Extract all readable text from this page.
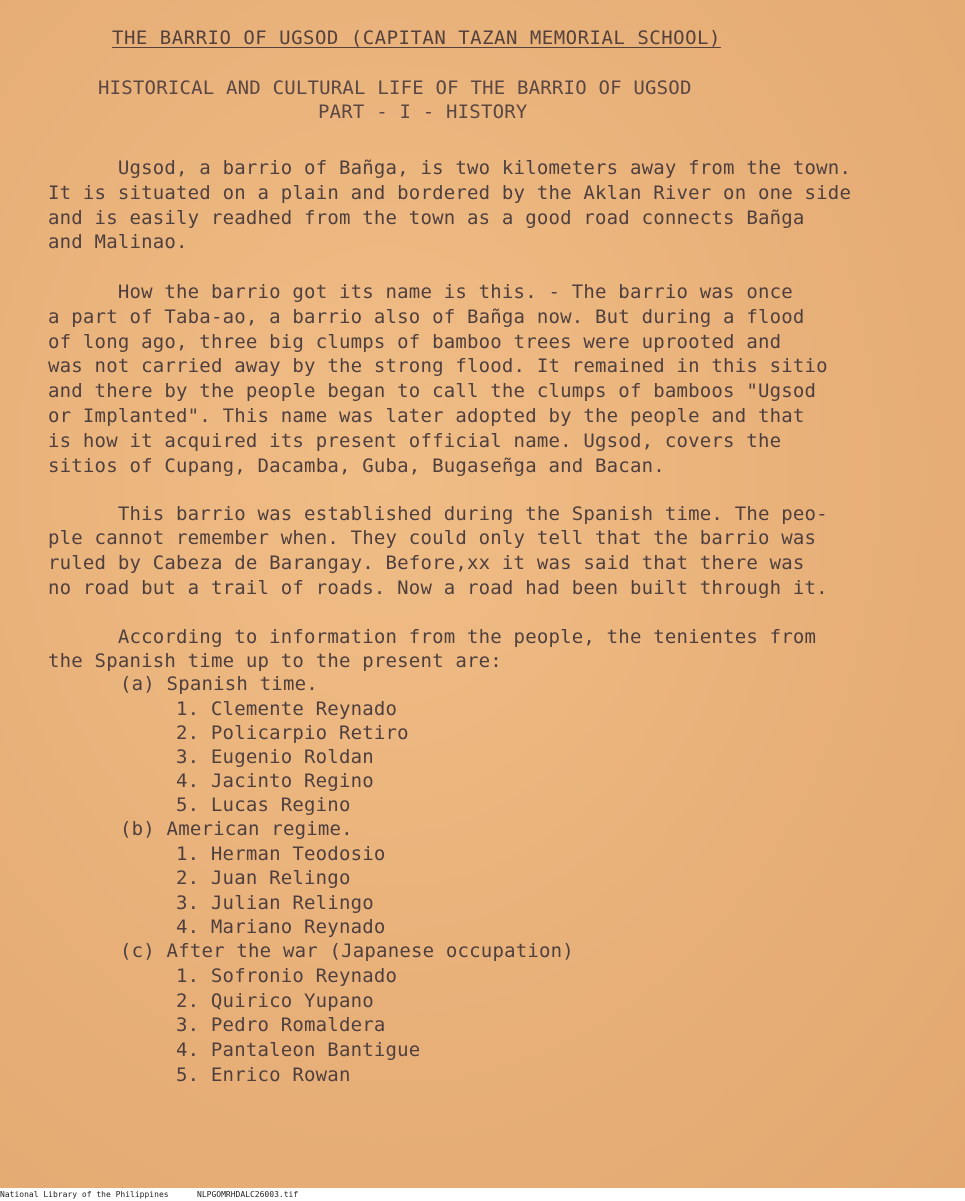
THE BARRIO OF UGSOD (CAPITAN TAZAN MEMORIAL SCHOOL)
HISTORICAL AND CULTURAL LIFE OF THE BARRIO OF UGSOD
PART - I - HISTORY
Ugsod, a barrio of Bañga, is two kilometers away from the town.
It is situated on a plain and bordered by the Aklan River on one side
and is easily readhed from the town as a good road connects Bañga
and Malinao.
How the barrio got its name is this. - The barrio was once
a part of Taba-ao, a barrio also of Bañga now. But during a flood
of long ago, three big clumps of bamboo trees were uprooted and
was not carried away by the strong flood. It remained in this sitio
and there by the people began to call the clumps of bamboos "Ugsod
or Implanted". This name was later adopted by the people and that
is how it acquired its present official name. Ugsod, covers the
sitios of Cupang, Dacamba, Guba, Bugaseñga and Bacan.
This barrio was established during the Spanish time. The peo-
ple cannot remember when. They could only tell that the barrio was
ruled by Cabeza de Barangay. Before,xx it was said that there was
no road but a trail of roads. Now a road had been built through it.
According to information from the people, the tenientes from
the Spanish time up to the present are:
(a) Spanish time.
1. Clemente Reynado
2. Policarpio Retiro
3. Eugenio Roldan
4. Jacinto Regino
5. Lucas Regino
(b) American regime.
1. Herman Teodosio
2. Juan Relingo
3. Julian Relingo
4. Mariano Reynado
(c) After the war (Japanese occupation)
1. Sofronio Reynado
2. Quirico Yupano
3. Pedro Romaldera
4. Pantaleon Bantigue
5. Enrico Rowan
National Library of the Philippines	NLPGOMRHDALC26003.tif
